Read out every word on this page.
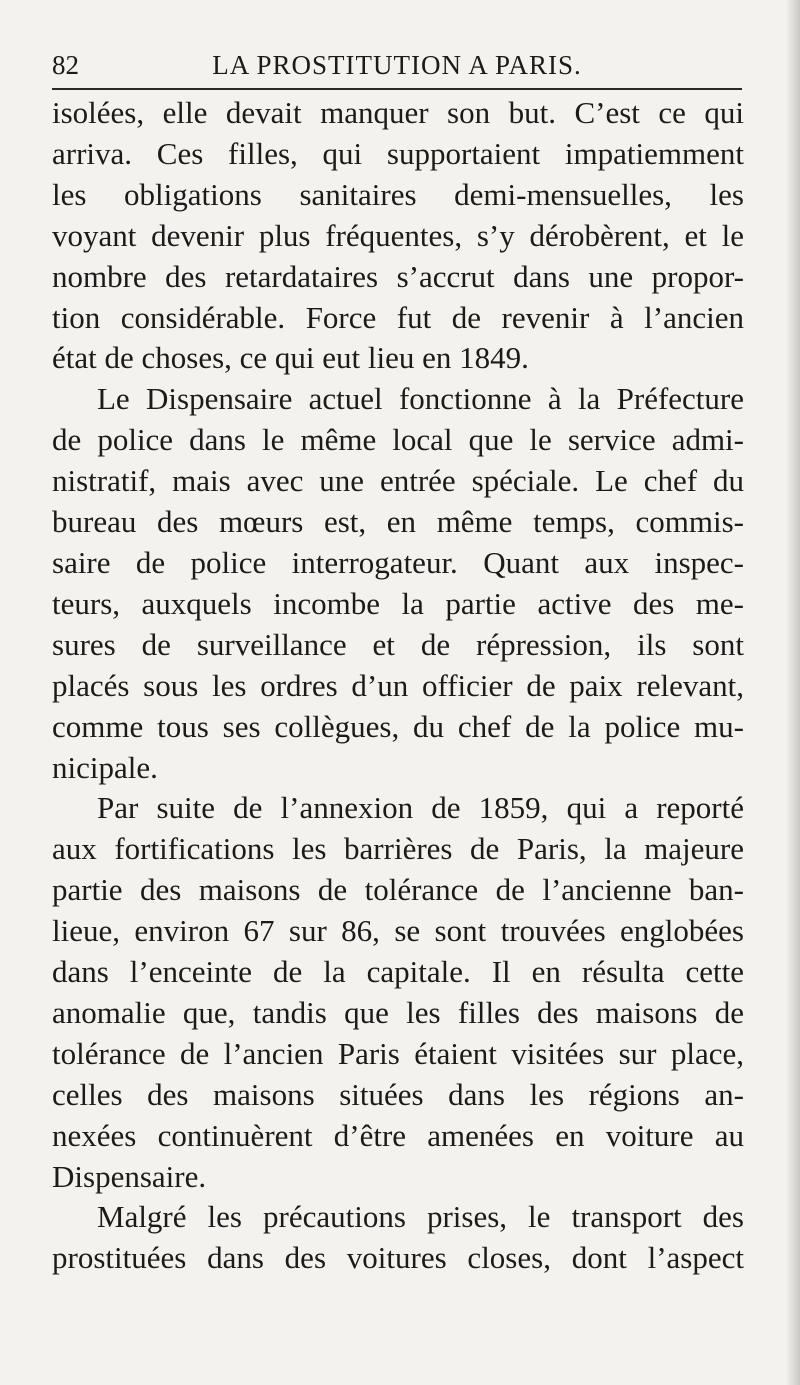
82	LA PROSTITUTION A PARIS.
isolées, elle devait manquer son but. C’est ce qui
arriva. Ces filles, qui supportaient impatiemment
les obligations sanitaires demi-mensuelles, les
voyant devenir plus fréquentes, s’y dérobèrent, et le
nombre des retardataires s’accrut dans une propor-
tion considérable. Force fut de revenir à l’ancien
état de choses, ce qui eut lieu en 1849.
Le Dispensaire actuel fonctionne à la Préfecture
de police dans le même local que le service admi-
nistratif, mais avec une entrée spéciale. Le chef du
bureau des mœurs est, en même temps, commis-
saire de police interrogateur. Quant aux inspec-
teurs, auxquels incombe la partie active des me-
sures de surveillance et de répression, ils sont
placés sous les ordres d’un officier de paix relevant,
comme tous ses collègues, du chef de la police mu-
nicipale.
Par suite de l’annexion de 1859, qui a reporté
aux fortifications les barrières de Paris, la majeure
partie des maisons de tolérance de l’ancienne ban-
lieue, environ 67 sur 86, se sont trouvées englobées
dans l’enceinte de la capitale. Il en résulta cette
anomalie que, tandis que les filles des maisons de
tolérance de l’ancien Paris étaient visitées sur place,
celles des maisons situées dans les régions an-
nexées continuèrent d’être amenées en voiture au
Dispensaire.
Malgré les précautions prises, le transport des
prostituées dans des voitures closes, dont l’aspect
